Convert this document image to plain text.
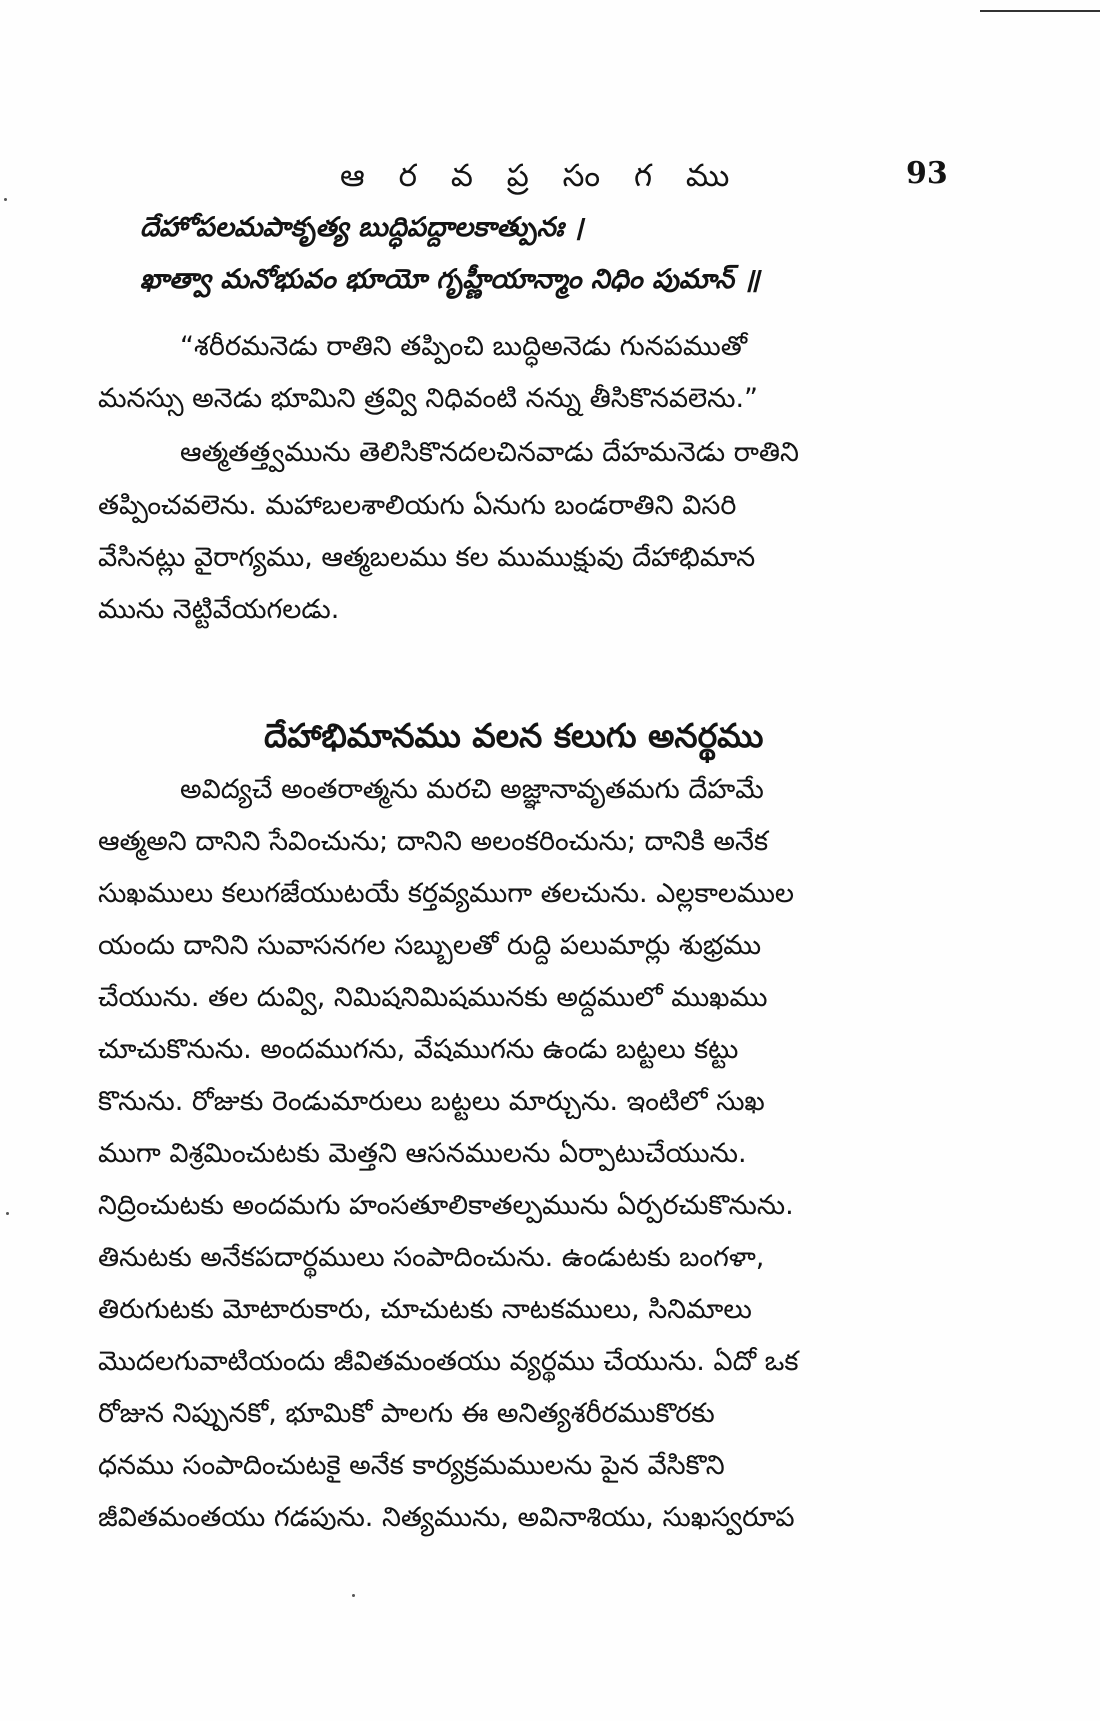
ఆ ర వ ప్ర సం గ ము	93
దేహోపలమపాకృత్య బుద్ధిపద్దాలకాత్పునః ।
ఖాత్వా మనోభువం భూయో గృహ్ణీయాన్మాం నిధిం పుమాన్ ॥
“శరీరమనెడు రాతిని తప్పించి బుద్ధిఅనెడు గునపముతో
మనస్సు అనెడు భూమిని త్రవ్వి నిధివంటి నన్ను తీసికొనవలెను.”
ఆత్మతత్త్వమును తెలిసికొనదలచినవాడు దేహమనెడు రాతిని
తప్పించవలెను. మహాబలశాలియగు ఏనుగు బండరాతిని విసరి
వేసినట్లు వైరాగ్యము, ఆత్మబలము కల ముముక్షువు దేహాభిమాన
మును నెట్టివేయగలడు.
దేహాభిమానము వలన కలుగు అనర్థము
అవిద్యచే అంతరాత్మను మరచి అజ్ఞానావృతమగు దేహమే
ఆత్మఅని దానిని సేవించును; దానిని అలంకరించును; దానికి అనేక
సుఖములు కలుగజేయుటయే కర్తవ్యముగా తలచును. ఎల్లకాలముల
యందు దానిని సువాసనగల సబ్బులతో రుద్ది పలుమార్లు శుభ్రము
చేయును. తల దువ్వి, నిమిషనిమిషమునకు అద్దములో ముఖము
చూచుకొనును. అందముగను, వేషముగను ఉండు బట్టలు కట్టు
కొనును. రోజుకు రెండుమారులు బట్టలు మార్చును. ఇంటిలో సుఖ
ముగా విశ్రమించుటకు మెత్తని ఆసనములను ఏర్పాటుచేయును.
నిద్రించుటకు అందమగు హంసతూలికాతల్పమును ఏర్పరచుకొనును.
తినుటకు అనేకపదార్థములు సంపాదించును. ఉండుటకు బంగళా,
తిరుగుటకు మోటారుకారు, చూచుటకు నాటకములు, సినిమాలు
మొదలగువాటియందు జీవితమంతయు వ్యర్థము చేయును. ఏదో ఒక
రోజున నిప్పునకో, భూమికో పాలగు ఈ అనిత్యశరీరముకొరకు
ధనము సంపాదించుటకై అనేక కార్యక్రమములను పైన వేసికొని
జీవితమంతయు గడపును. నిత్యమును, అవినాశియు, సుఖస్వరూప
